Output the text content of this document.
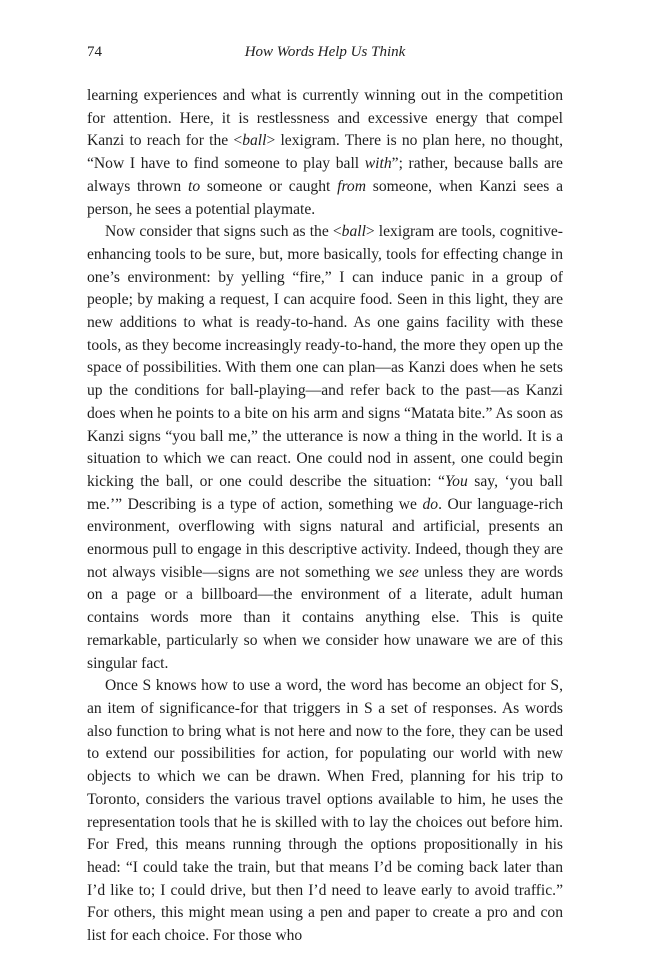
74	How Words Help Us Think

learning experiences and what is currently winning out in the competition for attention. Here, it is restlessness and excessive energy that compel Kanzi to reach for the <ball> lexigram. There is no plan here, no thought, “Now I have to find someone to play ball with”; rather, because balls are always thrown to someone or caught from someone, when Kanzi sees a person, he sees a potential playmate.

Now consider that signs such as the <ball> lexigram are tools, cognitive-enhancing tools to be sure, but, more basically, tools for effecting change in one’s environment: by yelling “fire,” I can induce panic in a group of people; by making a request, I can acquire food. Seen in this light, they are new additions to what is ready-to-hand. As one gains facility with these tools, as they become increasingly ready-to-hand, the more they open up the space of possibilities. With them one can plan—as Kanzi does when he sets up the conditions for ball-playing—and refer back to the past—as Kanzi does when he points to a bite on his arm and signs “Matata bite.” As soon as Kanzi signs “you ball me,” the utterance is now a thing in the world. It is a situation to which we can react. One could nod in assent, one could begin kicking the ball, or one could describe the situation: “You say, ‘you ball me.’” Describing is a type of action, something we do. Our language-rich environment, overflowing with signs natural and artificial, presents an enormous pull to engage in this descriptive activity. Indeed, though they are not always visible—signs are not something we see unless they are words on a page or a billboard—the environment of a literate, adult human contains words more than it contains anything else. This is quite remarkable, particularly so when we consider how unaware we are of this singular fact.

Once S knows how to use a word, the word has become an object for S, an item of significance-for that triggers in S a set of responses. As words also function to bring what is not here and now to the fore, they can be used to extend our possibilities for action, for populating our world with new objects to which we can be drawn. When Fred, planning for his trip to Toronto, considers the various travel options available to him, he uses the representation tools that he is skilled with to lay the choices out before him. For Fred, this means running through the options propositionally in his head: “I could take the train, but that means I’d be coming back later than I’d like to; I could drive, but then I’d need to leave early to avoid traffic.” For others, this might mean using a pen and paper to create a pro and con list for each choice. For those who
